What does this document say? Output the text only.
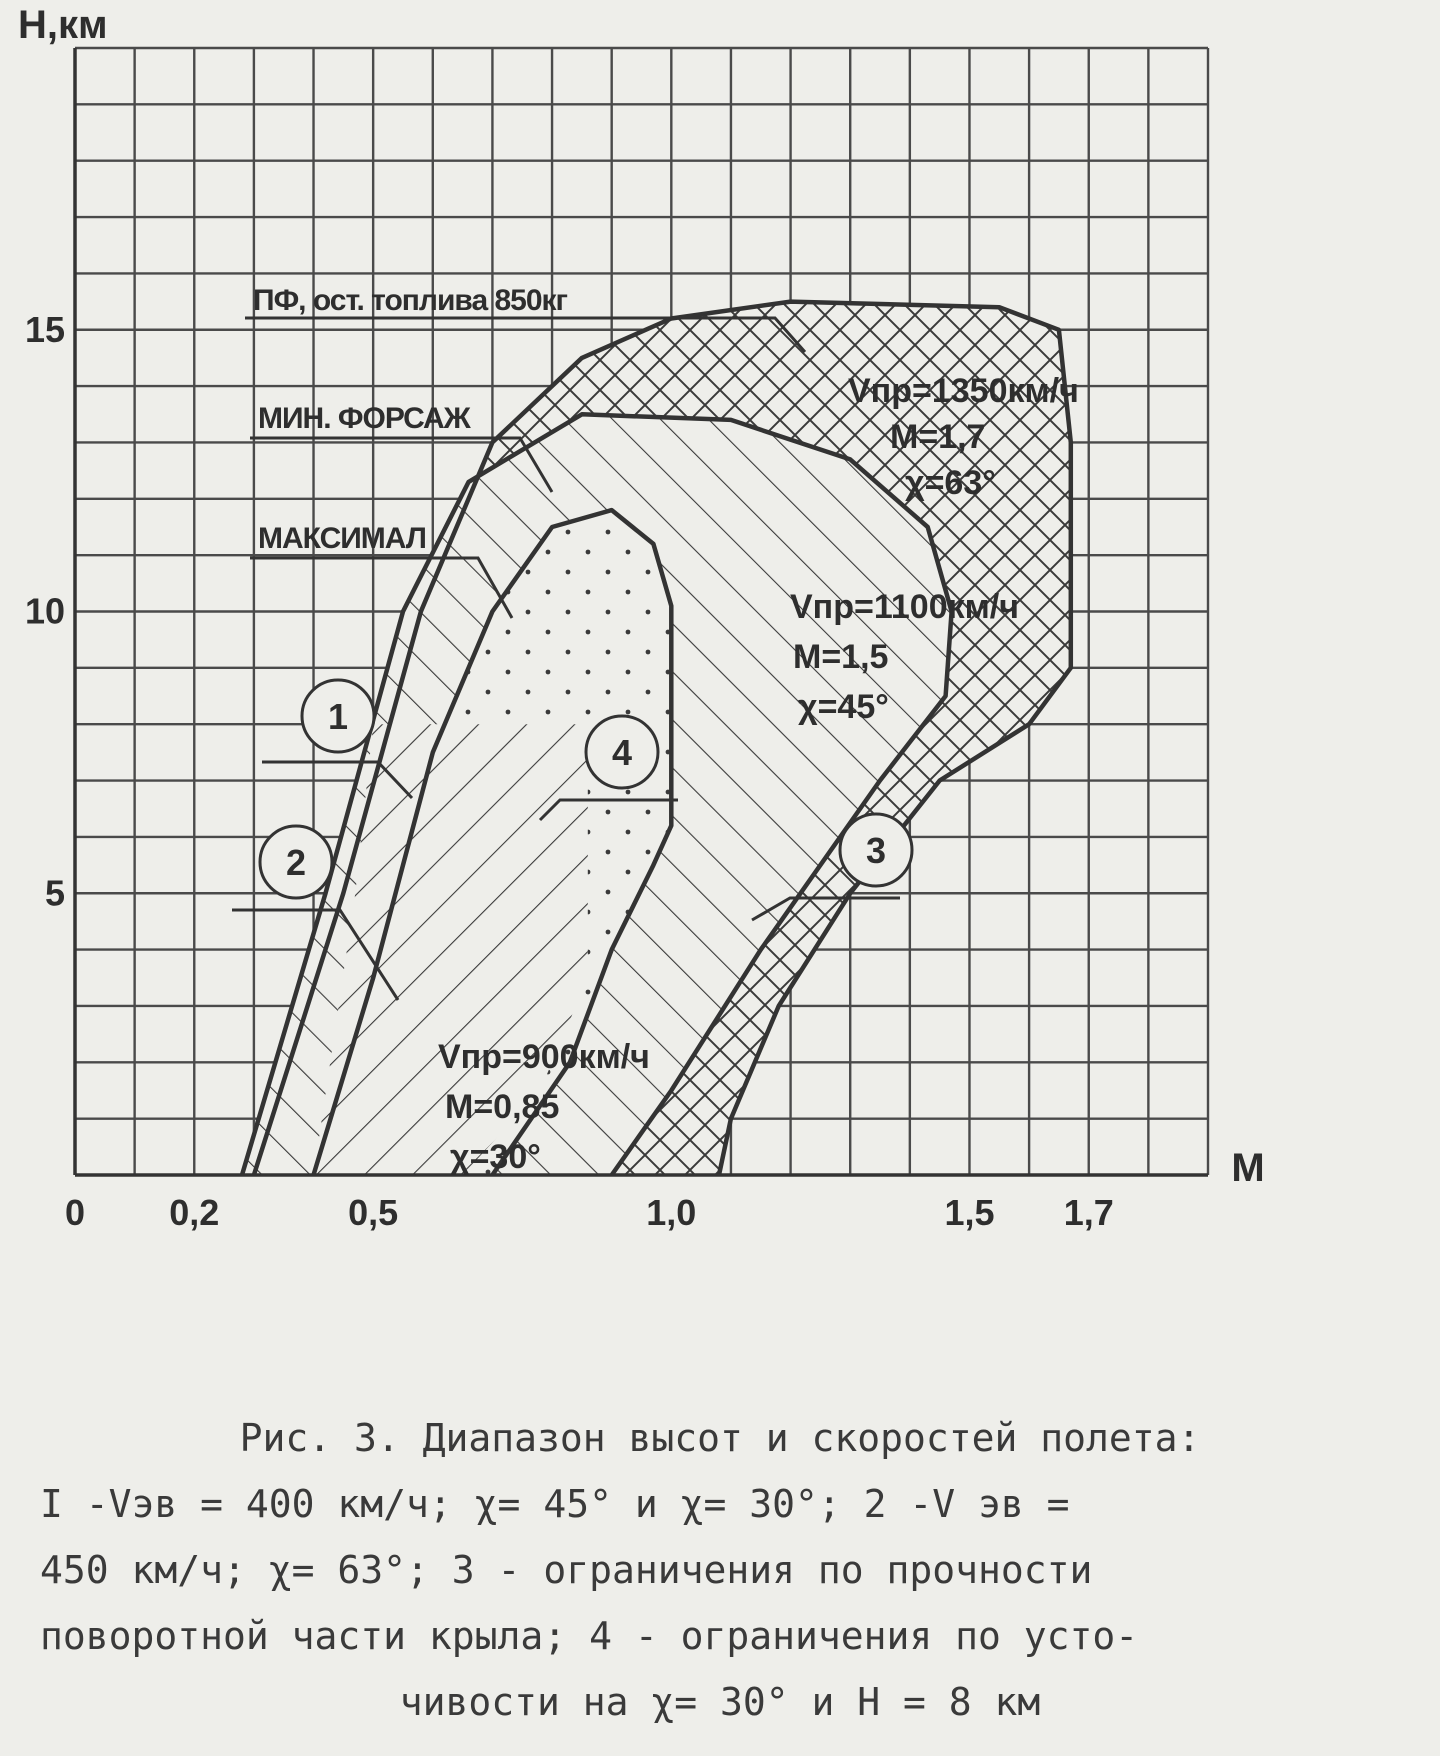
0 0,2	0,5	1,0	1,5 1,7
5
10
15
M
H,км
Vпр=900км/ч
M=0,85
χ=30°
Vпр=1100км/ч
M=1,5
χ=45°
Vпр=1350км/ч
M=1,7
χ=63°
ПФ, ост. топлива 850кг
МИН. ФОРСАЖ
МАКСИМАЛ
1
2	3
4
Рис. 3. Диапазон высот и скоростей полета:
I -Vэв = 400 км/ч; χ= 45° и χ= 30°; 2 -V эв =
450 км/ч; χ= 63°; 3 - ограничения по прочности
поворотной части крыла; 4 - ограничения по усто-
чивости на χ= 30° и Н = 8 км
